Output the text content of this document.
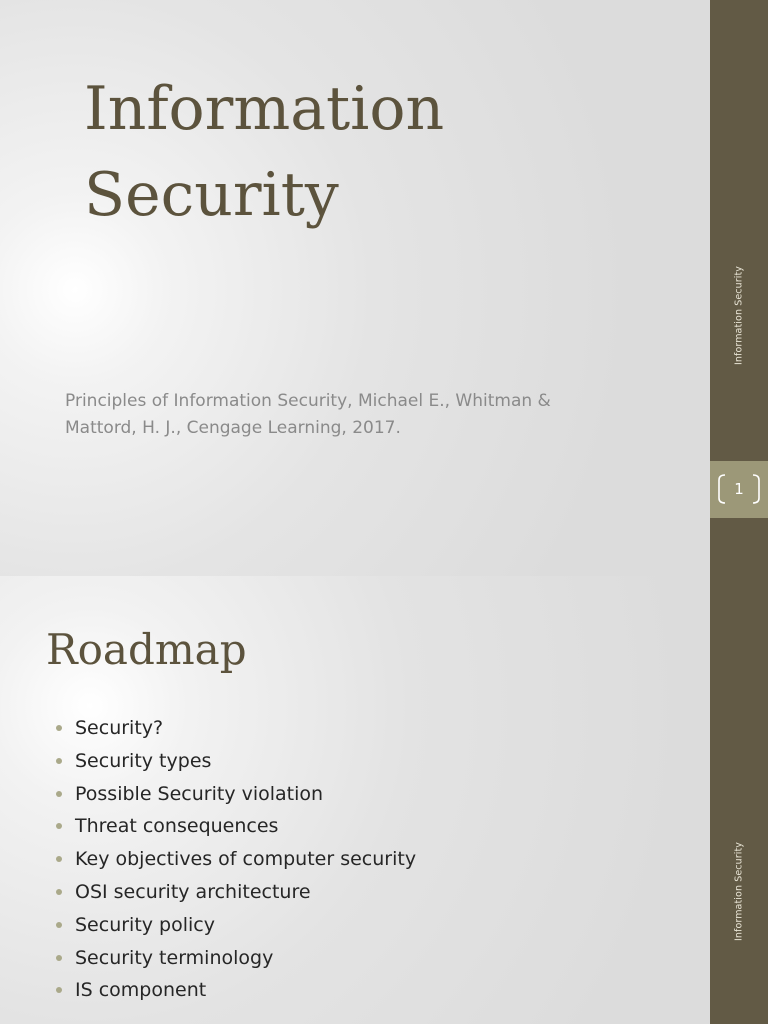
Information
Security

Principles of Information Security, Michael E., Whitman &
Mattord, H. J., Cengage Learning, 2017.

Information Security
1
Roadmap
Security?
Security types
Possible Security violation
Threat consequences
Key objectives of computer security
OSI security architecture
Security policy
Security terminology
IS component
Information Security
